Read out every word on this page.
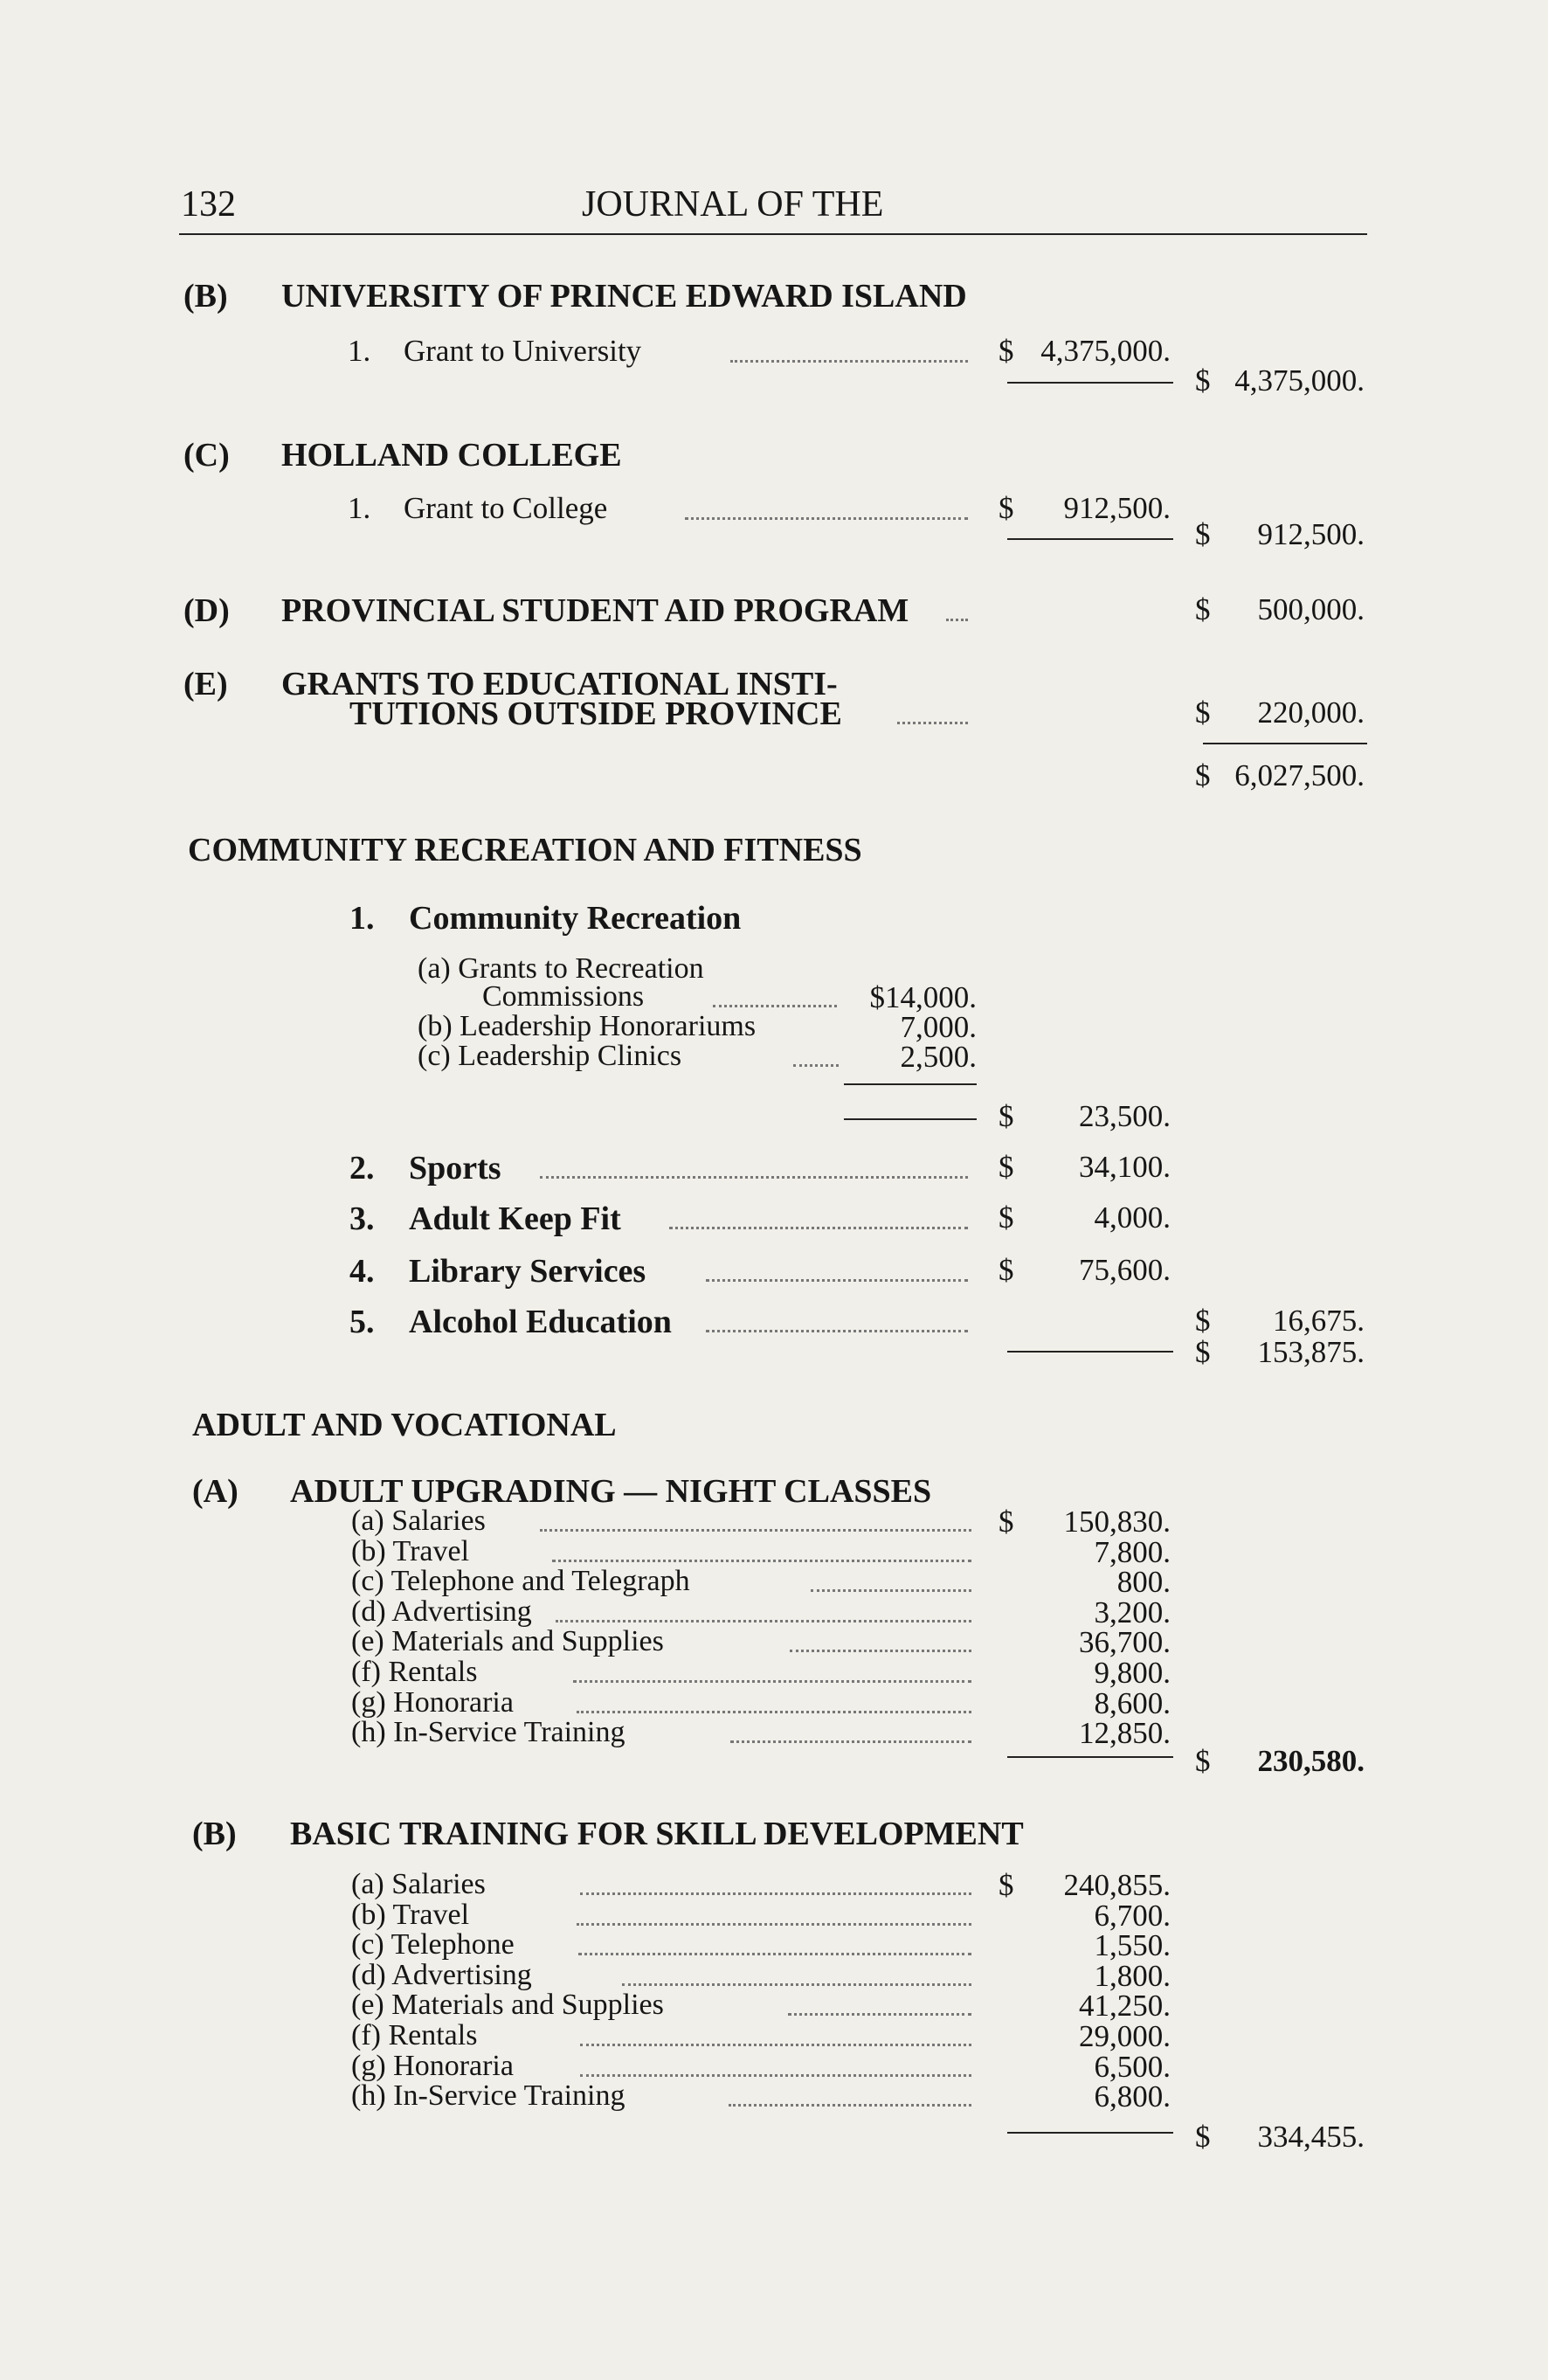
132	JOURNAL OF THE
(B) UNIVERSITY OF PRINCE EDWARD ISLAND
1. Grant to University	$ 4,375,000.
$ 4,375,000.
(C) HOLLAND COLLEGE
1. Grant to College	$	912,500.
$	912,500.
(D) PROVINCIAL STUDENT AID PROGRAM	$	500,000.
(E) GRANTS TO EDUCATIONAL INSTI-
TUTIONS OUTSIDE PROVINCE	$	220,000.
$ 6,027,500.
COMMUNITY RECREATION AND FITNESS
1. Community Recreation
(a) Grants to Recreation
Commissions	$14,000.
(b) Leadership Honorariums	7,000.
(c) Leadership Clinics	2,500.
$	23,500.
2. Sports	$	34,100.
3. Adult Keep Fit	$	4,000.
4. Library Services	$	75,600.
5. Alcohol Education	$	16,675.
$	153,875.
ADULT AND VOCATIONAL
(A) ADULT UPGRADING — NIGHT CLASSES
(a) Salaries	$	150,830.
(b) Travel	7,800.
(c) Telephone and Telegraph	800.
(d) Advertising	3,200.
(e) Materials and Supplies	36,700.
(f) Rentals	9,800.
(g) Honoraria	8,600.
(h) In-Service Training	12,850.
$	230,580.
(B) BASIC TRAINING FOR SKILL DEVELOPMENT
(a) Salaries	$	240,855.
(b) Travel	6,700.
(c) Telephone	1,550.
(d) Advertising	1,800.
(e) Materials and Supplies	41,250.
(f) Rentals	29,000.
(g) Honoraria	6,500.
(h) In-Service Training	6,800.
$	334,455.
